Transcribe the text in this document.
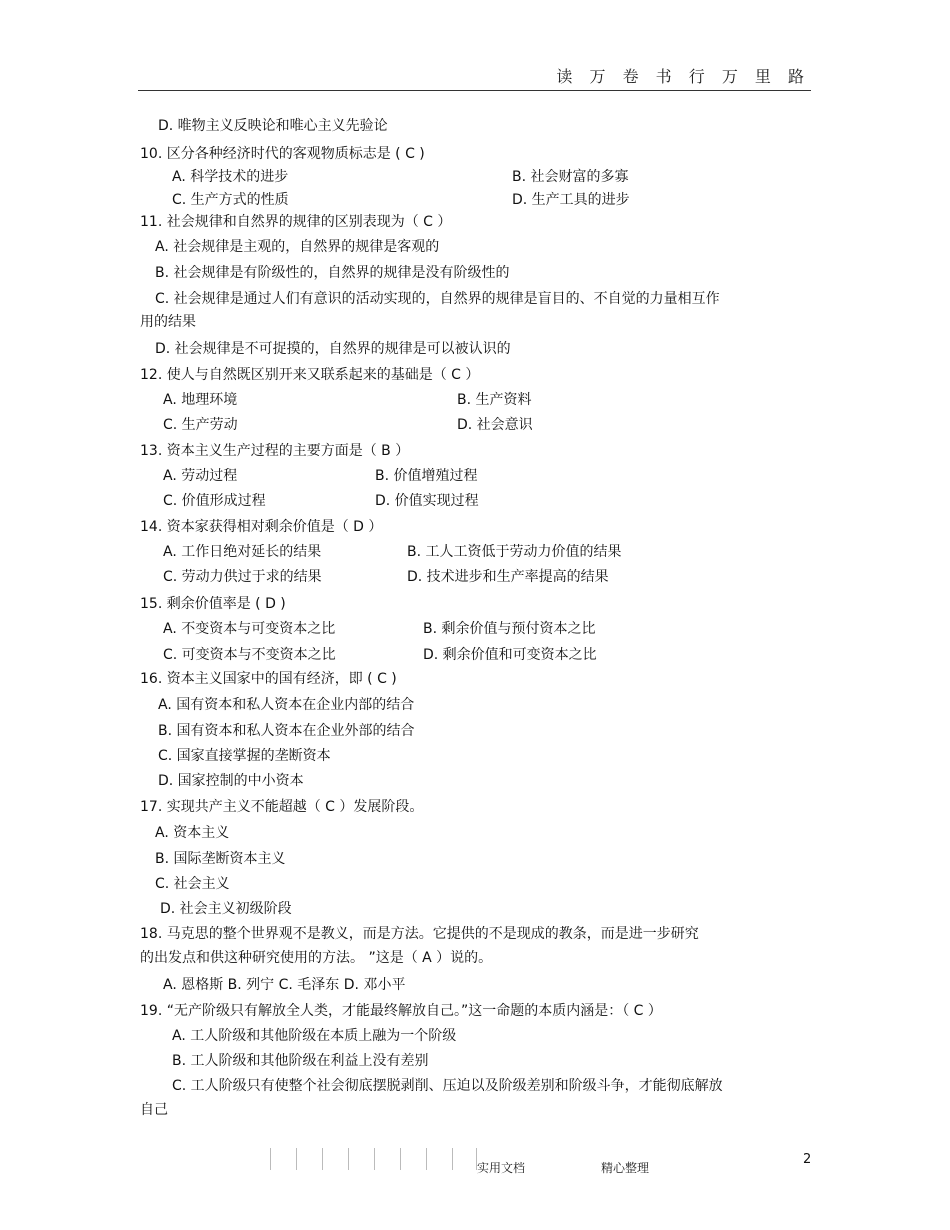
读 万 卷 书 行 万 里 路
D. 唯物主义反映论和唯心主义先验论
10. 区分各种经济时代的客观物质标志是 ( C )
A. 科学技术的进步	B. 社会财富的多寡
C. 生产方式的性质	D. 生产工具的进步
11. 社会规律和自然界的规律的区别表现为（ C ）
A. 社会规律是主观的，自然界的规律是客观的
B. 社会规律是有阶级性的，自然界的规律是没有阶级性的
C. 社会规律是通过人们有意识的活动实现的，自然界的规律是盲目的、不自觉的力量相互作
用的结果
D. 社会规律是不可捉摸的，自然界的规律是可以被认识的
12. 使人与自然既区别开来又联系起来的基础是（ C ）
A. 地理环境	B. 生产资料
C. 生产劳动	D. 社会意识
13. 资本主义生产过程的主要方面是（ B ）
A. 劳动过程	B. 价值增殖过程
C. 价值形成过程	D. 价值实现过程
14. 资本家获得相对剩余价值是（ D ）
A. 工作日绝对延长的结果	B. 工人工资低于劳动力价值的结果
C. 劳动力供过于求的结果	D. 技术进步和生产率提高的结果
15. 剩余价值率是 ( D )
A. 不变资本与可变资本之比	B. 剩余价值与预付资本之比
C. 可变资本与不变资本之比	D. 剩余价值和可变资本之比
16. 资本主义国家中的国有经济，即 ( C )
A. 国有资本和私人资本在企业内部的结合
B. 国有资本和私人资本在企业外部的结合
C. 国家直接掌握的垄断资本
D. 国家控制的中小资本
17. 实现共产主义不能超越（ C ）发展阶段。
A. 资本主义
B. 国际垄断资本主义
C. 社会主义
D. 社会主义初级阶段
18. 马克思的整个世界观不是教义，而是方法。它提供的不是现成的教条，而是进一步研究
的出发点和供这种研究使用的方法。 ”这是（ A ）说的。
A. 恩格斯 B. 列宁 C. 毛泽东 D. 邓小平
19. “无产阶级只有解放全人类，才能最终解放自己。”这一命题的本质内涵是：（ C ）
A. 工人阶级和其他阶级在本质上融为一个阶级
B. 工人阶级和其他阶级在利益上没有差别
C. 工人阶级只有使整个社会彻底摆脱剥削、压迫以及阶级差别和阶级斗争，才能彻底解放
自己
实用文档	精心整理
2
